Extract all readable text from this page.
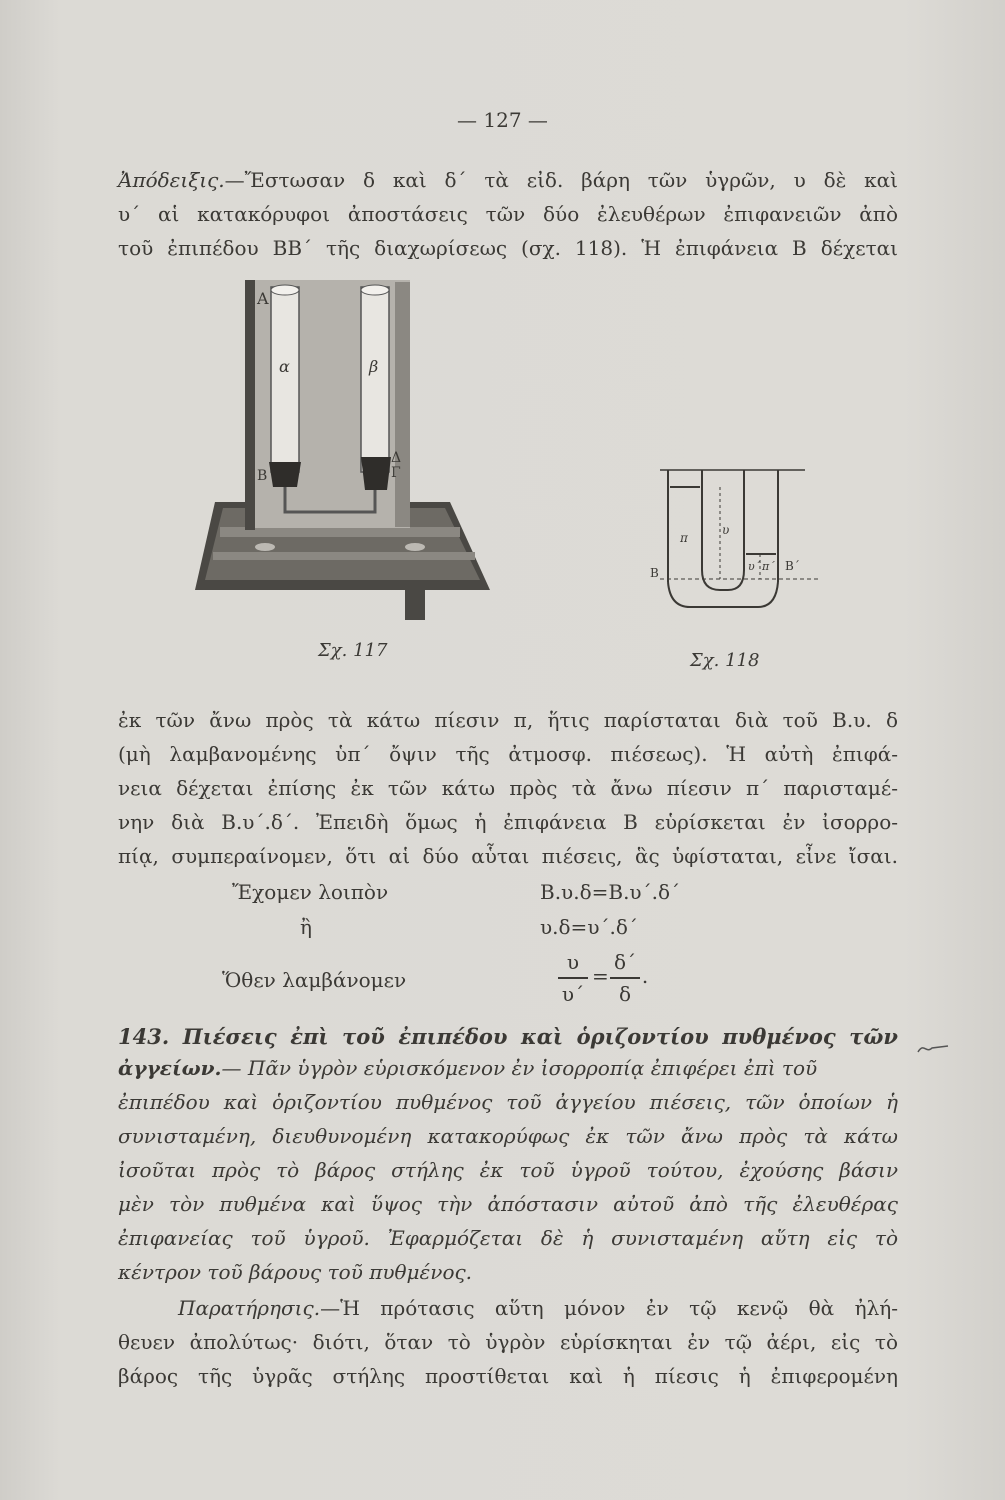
— 127 —
Ἀπόδειξις.—Ἔστωσαν δ καὶ δ΄ τὰ εἰδ. βάρη τῶν ὑγρῶν, υ δὲ καὶ
υ΄ αἱ κατακόρυφοι ἀποστάσεις τῶν δύο ἐλευθέρων ἐπιφανειῶν ἀπὸ
τοῦ ἐπιπέδου ΒΒ΄ τῆς διαχωρίσεως (σχ. 118). Ἡ ἐπιφάνεια Β δέχεται
A
α	β
B
Δ
Γ
Σχ. 117
π
υ
B	B΄
υ΄ π΄
Σχ. 118
ἐκ τῶν ἄνω πρὸς τὰ κάτω πίεσιν π, ἥτις παρίσταται διὰ τοῦ Β.υ. δ
(μὴ λαμβανομένης ὑπ΄ ὄψιν τῆς ἀτμοσφ. πιέσεως). Ἡ αὐτὴ ἐπιφά-
νεια δέχεται ἐπίσης ἐκ τῶν κάτω πρὸς τὰ ἄνω πίεσιν π΄ παρισταμέ-
νην διὰ Β.υ΄.δ΄. Ἐπειδὴ ὅμως ἡ ἐπιφάνεια Β εὑρίσκεται ἐν ἰσορρο-
πίᾳ, συμπεραίνομεν, ὅτι αἱ δύο αὗται πιέσεις, ἃς ὑφίσταται, εἶνε ἴσαι.
Ἔχομεν λοιπὸν	Β.υ.δ=Β.υ΄.δ΄
ἢ	υ.δ=υ΄.δ΄
Ὅθεν λαμβάνομεν
υ
υ΄
=
δ΄
δ
.
143. Πιέσεις ἐπὶ τοῦ ἐπιπέδου καὶ ὁριζοντίου πυθμένος τῶν
ἀγγείων.— Πᾶν ὑγρὸν εὑρισκόμενον ἐν ἰσορροπίᾳ ἐπιφέρει ἐπὶ τοῦ
ἐπιπέδου καὶ ὁριζοντίου πυθμένος τοῦ ἀγγείου πιέσεις, τῶν ὁποίων ἡ
συνισταμένη, διευθυνομένη κατακορύφως ἐκ τῶν ἄνω πρὸς τὰ κάτω
ἰσοῦται πρὸς τὸ βάρος στήλης ἐκ τοῦ ὑγροῦ τούτου, ἐχούσης βάσιν
μὲν τὸν πυθμένα καὶ ὕψος τὴν ἀπόστασιν αὐτοῦ ἀπὸ τῆς ἐλευθέρας
ἐπιφανείας τοῦ ὑγροῦ. Ἐφαρμόζεται δὲ ἡ συνισταμένη αὕτη εἰς τὸ
κέντρον τοῦ βάρους τοῦ πυθμένος.
Παρατήρησις.—Ἡ πρότασις αὕτη μόνον ἐν τῷ κενῷ θὰ ἠλή-
θευεν ἀπολύτως· διότι, ὅταν τὸ ὑγρὸν εὑρίσκηται ἐν τῷ ἀέρι, εἰς τὸ
βάρος τῆς ὑγρᾶς στήλης προστίθεται καὶ ἡ πίεσις ἡ ἐπιφερομένη
